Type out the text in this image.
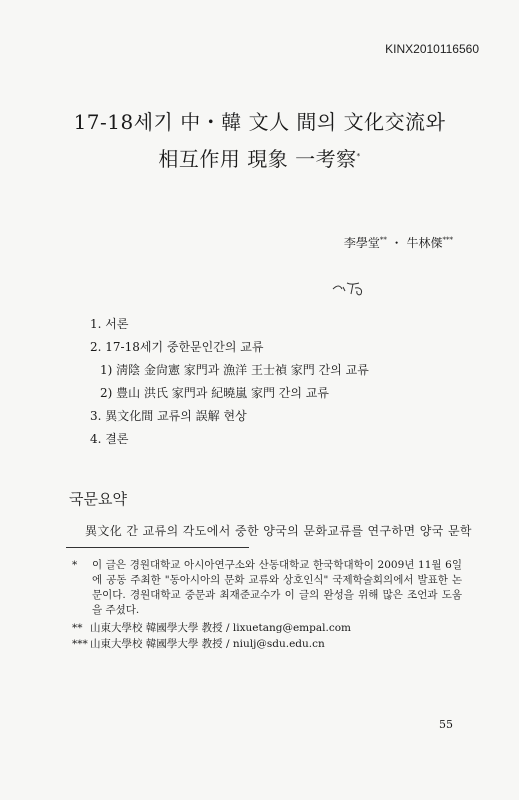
KINX2010116560
17-18세기 中・韓 文人 間의 文化交流와
相互作用 現象 一考察*
李學堂** ・ 牛林傑***
1. 서론
2. 17-18세기 중한문인간의 교류
1) 淸陰 金尙憲 家門과 漁洋 王士禎 家門 간의 교류
2) 豊山 洪氏 家門과 紀曉嵐 家門 간의 교류
3. 異文化間 교류의 誤解 현상
4. 결론
국문요약
異文化 간 교류의 각도에서 중한 양국의 문화교류를 연구하면 양국 문학
*	이 글은 경원대학교 아시아연구소와 산동대학교 한국학대학이 2009년 11월 6일에 공동 주최한 "동아시아의 문화 교류와 상호인식" 국제학술회의에서 발표한 논문이다. 경원대학교 중문과 최재준교수가 이 글의 완성을 위해 많은 조언과 도움을 주셨다.
** 山東大學校 韓國學大學 教授 / lixuetang@empal.com
*** 山東大學校 韓國學大學 教授 / niulj@sdu.edu.cn
55
